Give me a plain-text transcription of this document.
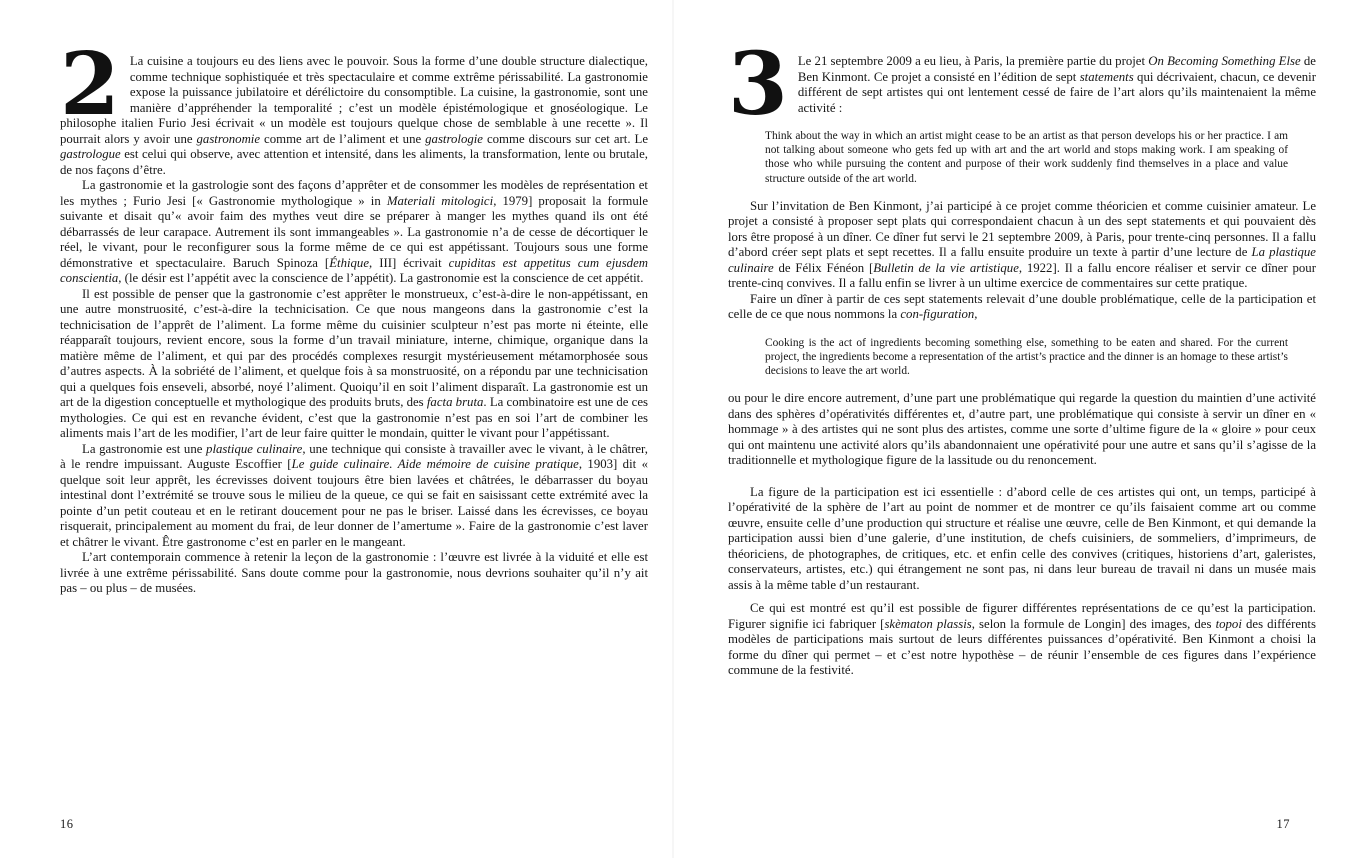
2 La cuisine a toujours eu des liens avec le pouvoir. Sous la forme d’une double structure dialectique, comme technique sophistiquée et très spectaculaire et comme extrême périssabilité. La gastronomie expose la puissance jubilatoire et dérélictoire du consomptible. La cuisine, la gastronomie, sont une manière d’appréhender la temporalité ; c’est un modèle épistémologique et gnoséologique. Le philosophe italien Furio Jesi écrivait « un modèle est toujours quelque chose de semblable à une recette ». Il pourrait alors y avoir une gastronomie comme art de l’aliment et une gastrologie comme discours sur cet art. Le gastrologue est celui qui observe, avec attention et intensité, dans les aliments, la transformation, lente ou brutale, de nos façons d’être.

La gastronomie et la gastrologie sont des façons d’apprêter et de consommer les modèles de représentation et les mythes ; Furio Jesi [« Gastronomie mythologique » in Materiali mitologici, 1979] proposait la formule suivante et disait qu’« avoir faim des mythes veut dire se préparer à manger les mythes quand ils ont été débarrassés de leur carapace. Autrement ils sont immangeables ». La gastronomie n’a de cesse de décortiquer le réel, le vivant, pour le reconfigurer sous la forme même de ce qui est appétissant. Toujours sous une forme démonstrative et spectaculaire. Baruch Spinoza [Éthique, III] écrivait cupiditas est appetitus cum ejusdem conscientia, (le désir est l’appétit avec la conscience de l’appétit). La gastronomie est la conscience de cet appétit.

Il est possible de penser que la gastronomie c’est apprêter le monstrueux, c’est-à-dire le non-appétissant, en une autre monstruosité, c’est-à-dire la technicisation. Ce que nous mangeons dans la gastronomie c’est la technicisation de l’apprêt de l’aliment. La forme même du cuisinier sculpteur n’est pas morte ni éteinte, elle réapparaît toujours, revient encore, sous la forme d’un travail miniature, interne, chimique, organique dans la matière même de l’aliment, et qui par des procédés complexes resurgit mystérieusement métamorphosée sous d’autres aspects. À la sobriété de l’aliment, et quelque fois à sa monstruosité, on a répondu par une technicisation qui a quelques fois enseveli, absorbé, noyé l’aliment. Quoiqu’il en soit l’aliment disparaît. La gastronomie est un art de la digestion conceptuelle et mythologique des produits bruts, des facta bruta. La combinatoire est une de ces mythologies. Ce qui est en revanche évident, c’est que la gastronomie n’est pas en soi l’art de combiner les aliments mais l’art de les modifier, l’art de leur faire quitter le mondain, quitter le vivant pour l’appétissant.

La gastronomie est une plastique culinaire, une technique qui consiste à travailler avec le vivant, à le châtrer, à le rendre impuissant. Auguste Escoffier [Le guide culinaire. Aide mémoire de cuisine pratique, 1903] dit « quelque soit leur apprêt, les écrevisses doivent toujours être bien lavées et châtrées, le débarrasser du boyau intestinal dont l’extrémité se trouve sous le milieu de la queue, ce qui se fait en saisissant cette extrémité avec la pointe d’un petit couteau et en le retirant doucement pour ne pas le briser. Laissé dans les écrevisses, ce boyau risquerait, principalement au moment du frai, de leur donner de l’amertume ». Faire de la gastronomie c’est laver et châtrer le vivant. Être gastronome c’est en parler en le mangeant.

L’art contemporain commence à retenir la leçon de la gastronomie : l’œuvre est livrée à la viduité et elle est livrée à une extrême périssabilité. Sans doute comme pour la gastronomie, nous devrions souhaiter qu’il n’y ait pas – ou plus – de musées.

16

3 Le 21 septembre 2009 a eu lieu, à Paris, la première partie du projet On Becoming Something Else de Ben Kinmont. Ce projet a consisté en l’édition de sept statements qui décrivaient, chacun, ce devenir différent de sept artistes qui ont lentement cessé de faire de l’art alors qu’ils maintenaient la même activité :

Think about the way in which an artist might cease to be an artist as that person develops his or her practice. I am not talking about someone who gets fed up with art and the art world and stops making work. I am speaking of those who while pursuing the content and purpose of their work suddenly find themselves in a place and value structure outside of the art world.

Sur l’invitation de Ben Kinmont, j’ai participé à ce projet comme théoricien et comme cuisinier amateur. Le projet a consisté à proposer sept plats qui correspondaient chacun à un des sept statements et qui pouvaient dès lors être proposé à un dîner. Ce dîner fut servi le 21 septembre 2009, à Paris, pour trente-cinq personnes. Il a fallu d’abord créer sept plats et sept recettes. Il a fallu ensuite produire un texte à partir d’une lecture de La plastique culinaire de Félix Fénéon [Bulletin de la vie artistique, 1922]. Il a fallu encore réaliser et servir ce dîner pour trente-cinq convives. Il a fallu enfin se livrer à un ultime exercice de commentaires sur cette pratique.

Faire un dîner à partir de ces sept statements relevait d’une double problématique, celle de la participation et celle de ce que nous nommons la con-figuration,

Cooking is the act of ingredients becoming something else, something to be eaten and shared. For the current project, the ingredients become a representation of the artist’s practice and the dinner is an homage to these artist’s decisions to leave the art world.

ou pour le dire encore autrement, d’une part une problématique qui regarde la question du maintien d’une activité dans des sphères d’opérativités différentes et, d’autre part, une problématique qui consiste à servir un dîner en « hommage » à des artistes qui ne sont plus des artistes, comme une sorte d’ultime figure de la « gloire » pour ceux qui ont maintenu une activité alors qu’ils abandonnaient une opérativité pour une autre et sans qu’il s’agisse de la traditionnelle et mythologique figure de la lassitude ou du renoncement.

La figure de la participation est ici essentielle : d’abord celle de ces artistes qui ont, un temps, participé à l’opérativité de la sphère de l’art au point de nommer et de montrer ce qu’ils faisaient comme art ou comme œuvre, ensuite celle d’une production qui structure et réalise une œuvre, celle de Ben Kinmont, et qui demande la participation aussi bien d’une galerie, d’une institution, de chefs cuisiniers, de sommeliers, d’imprimeurs, de théoriciens, de photographes, de critiques, etc. et enfin celle des convives (critiques, historiens d’art, galeristes, conservateurs, artistes, etc.) qui étrangement ne sont pas, ni dans leur bureau de travail ni dans un musée mais assis à la même table d’un restaurant.

Ce qui est montré est qu’il est possible de figurer différentes représentations de ce qu’est la participation. Figurer signifie ici fabriquer [skèmaton plassis, selon la formule de Longin] des images, des topoi des différents modèles de participations mais surtout de leurs différentes puissances d’opérativité. Ben Kinmont a choisi la forme du dîner qui permet – et c’est notre hypothèse – de réunir l’ensemble de ces figures dans l’expérience commune de la festivité.

17
